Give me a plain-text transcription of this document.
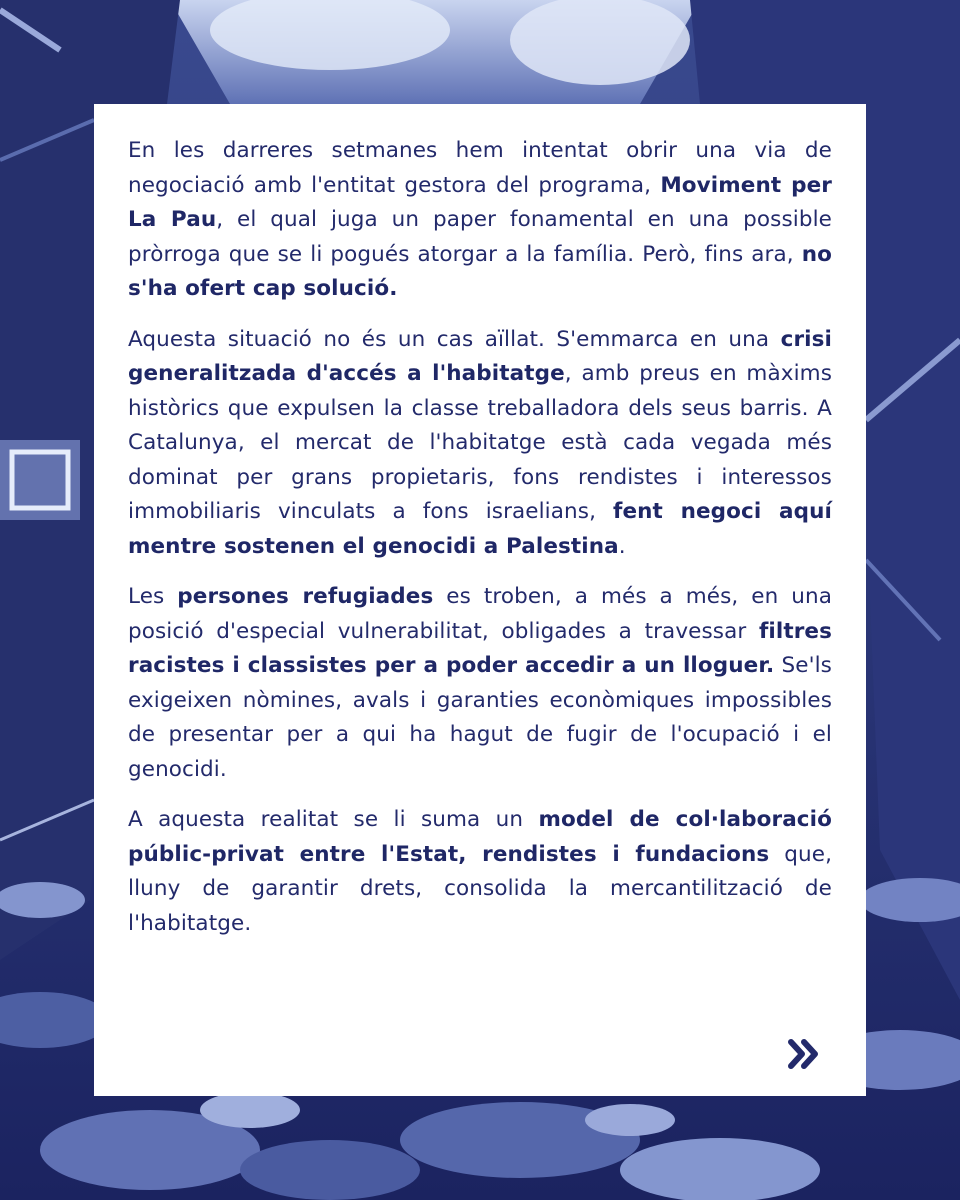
En les darreres setmanes hem intentat obrir una via de negociació amb l'entitat gestora del programa, Moviment per La Pau, el qual juga un paper fonamental en una possible pròrroga que se li pogués atorgar a la família. Però, fins ara, no s'ha ofert cap solució.

Aquesta situació no és un cas aïllat. S'emmarca en una crisi generalitzada d'accés a l'habitatge, amb preus en màxims històrics que expulsen la classe treballadora dels seus barris. A Catalunya, el mercat de l'habitatge està cada vegada més dominat per grans propietaris, fons rendistes i interessos immobiliaris vinculats a fons israelians, fent negoci aquí mentre sostenen el genocidi a Palestina.

Les persones refugiades es troben, a més a més, en una posició d'especial vulnerabilitat, obligades a travessar filtres racistes i classistes per a poder accedir a un lloguer. Se'ls exigeixen nòmines, avals i garanties econòmiques impossibles de presentar per a qui ha hagut de fugir de l'ocupació i el genocidi.

A aquesta realitat se li suma un model de col·laboració públic-privat entre l'Estat, rendistes i fundacions que, lluny de garantir drets, consolida la mercantilització de l'habitatge.
